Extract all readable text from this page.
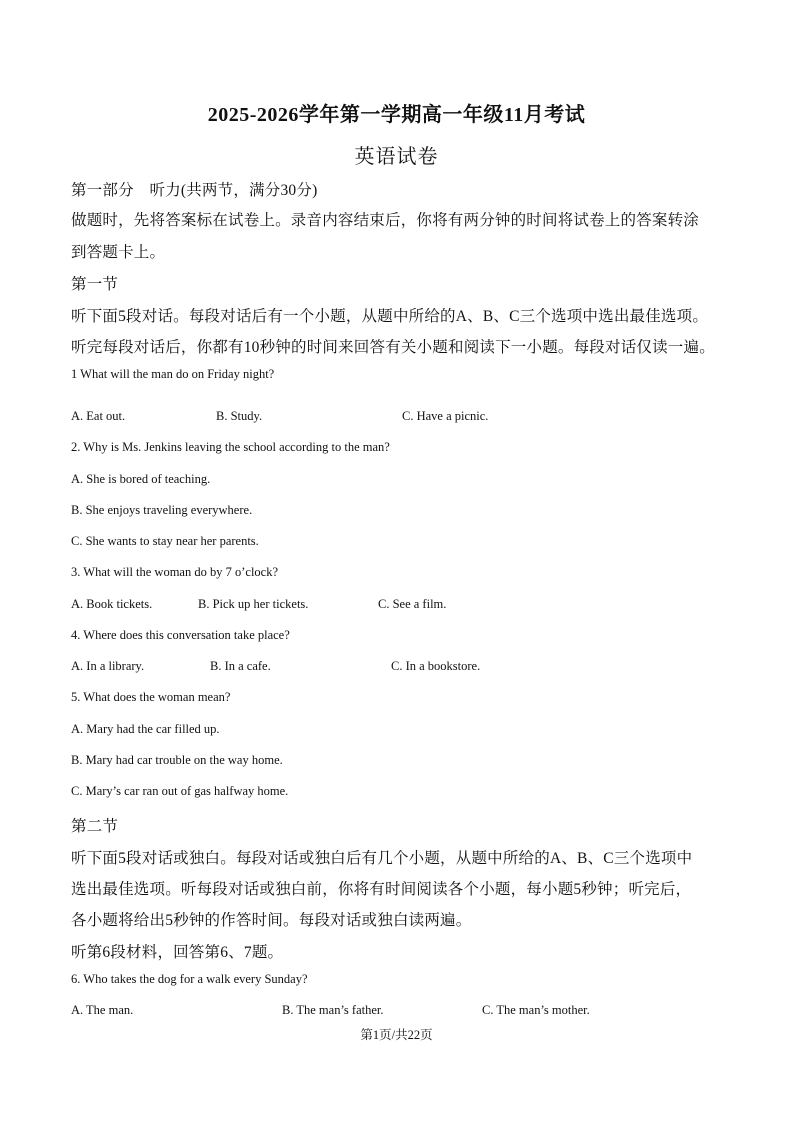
2025-2026学年第一学期高一年级11月考试
英语试卷
第一部分　听力(共两节，满分30分)
做题时，先将答案标在试卷上。录音内容结束后，你将有两分钟的时间将试卷上的答案转涂
到答题卡上。
第一节
听下面5段对话。每段对话后有一个小题，从题中所给的A、B、C三个选项中选出最佳选项。
听完每段对话后，你都有10秒钟的时间来回答有关小题和阅读下一小题。每段对话仅读一遍。
1 What will the man do on Friday night?
A. Eat out.	B. Study.	C. Have a picnic.
2. Why is Ms. Jenkins leaving the school according to the man?
A. She is bored of teaching.
B. She enjoys traveling everywhere.
C. She wants to stay near her parents.
3. What will the woman do by 7 o’clock?
A. Book tickets.	B. Pick up her tickets.	C. See a film.
4. Where does this conversation take place?
A. In a library.	B. In a cafe.	C. In a bookstore.
5. What does the woman mean?
A. Mary had the car filled up.
B. Mary had car trouble on the way home.
C. Mary’s car ran out of gas halfway home.
第二节
听下面5段对话或独白。每段对话或独白后有几个小题，从题中所给的A、B、C三个选项中
选出最佳选项。听每段对话或独白前，你将有时间阅读各个小题，每小题5秒钟；听完后，
各小题将给出5秒钟的作答时间。每段对话或独白读两遍。
听第6段材料，回答第6、7题。
6. Who takes the dog for a walk every Sunday?
A. The man.	B. The man’s father.	C. The man’s mother.
第1页/共22页
